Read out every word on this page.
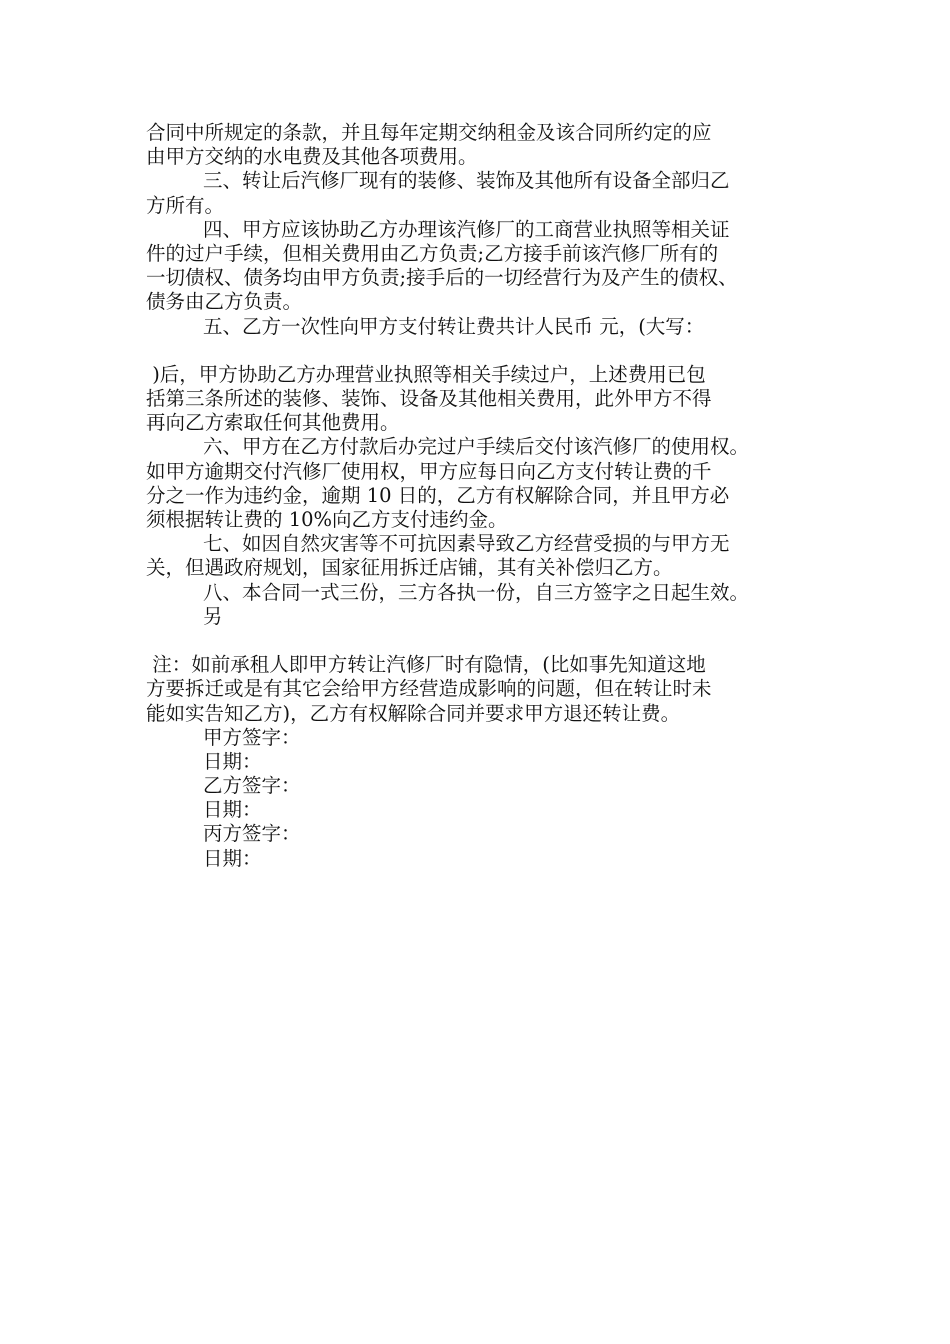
合同中所规定的条款，并且每年定期交纳租金及该合同所约定的应
由甲方交纳的水电费及其他各项费用。
三、转让后汽修厂现有的装修、装饰及其他所有设备全部归乙
方所有。
四、甲方应该协助乙方办理该汽修厂的工商营业执照等相关证
件的过户手续，但相关费用由乙方负责;乙方接手前该汽修厂所有的
一切债权、债务均由甲方负责;接手后的一切经营行为及产生的债权、
债务由乙方负责。
五、乙方一次性向甲方支付转让费共计人民币 元，(大写：
)后，甲方协助乙方办理营业执照等相关手续过户，上述费用已包
括第三条所述的装修、装饰、设备及其他相关费用，此外甲方不得
再向乙方索取任何其他费用。
六、甲方在乙方付款后办完过户手续后交付该汽修厂的使用权。
如甲方逾期交付汽修厂使用权，甲方应每日向乙方支付转让费的千
分之一作为违约金，逾期 10 日的，乙方有权解除合同，并且甲方必
须根据转让费的 10%向乙方支付违约金。
七、如因自然灾害等不可抗因素导致乙方经营受损的与甲方无
关，但遇政府规划，国家征用拆迁店铺，其有关补偿归乙方。
八、本合同一式三份，三方各执一份，自三方签字之日起生效。
另
注：如前承租人即甲方转让汽修厂时有隐情，(比如事先知道这地
方要拆迁或是有其它会给甲方经营造成影响的问题，但在转让时未
能如实告知乙方)，乙方有权解除合同并要求甲方退还转让费。
甲方签字：
日期：
乙方签字：
日期：
丙方签字：
日期：
